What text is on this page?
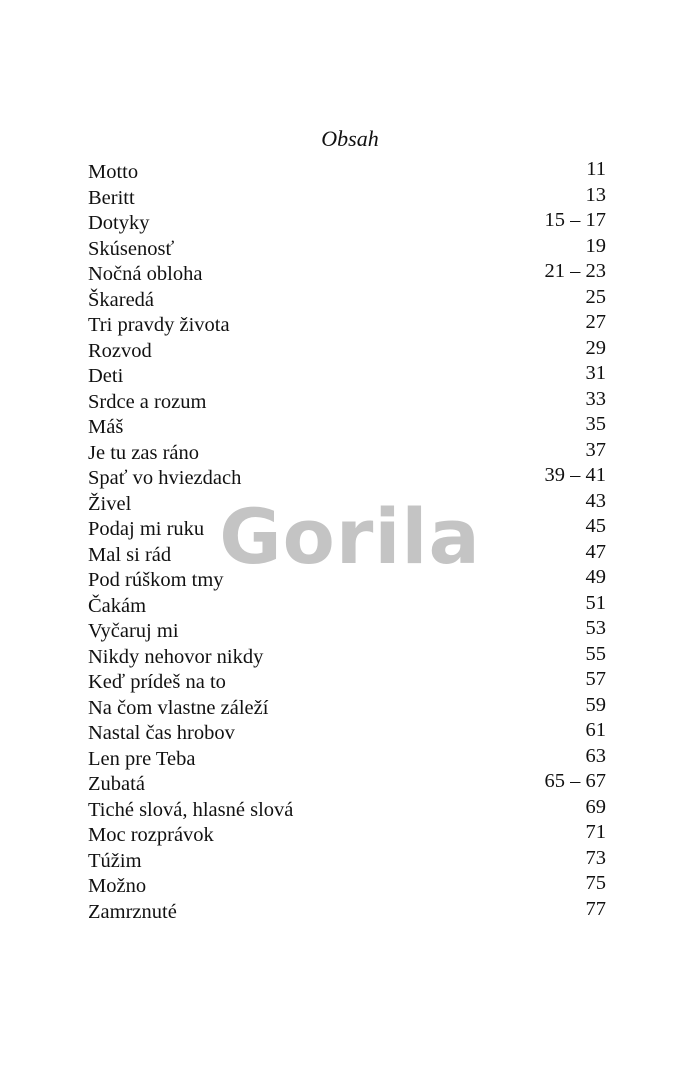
Obsah
Motto	11
Beritt	13
Dotyky	15 – 17
Skúsenosť	19
Nočná obloha	21 – 23
Škaredá	25
Tri pravdy života	27
Rozvod	29
Deti	31
Srdce a rozum	33
Máš	35
Je tu zas ráno	37
Spať vo hviezdach	39 – 41
Živel	43
Podaj mi ruku	45
Mal si rád	47
Pod rúškom tmy	49
Čakám	51
Vyčaruj mi	53
Nikdy nehovor nikdy	55
Keď prídeš na to	57
Na čom vlastne záleží	59
Nastal čas hrobov	61
Len pre Teba	63
Zubatá	65 – 67
Tiché slová, hlasné slová	69
Moc rozprávok	71
Túžim	73
Možno	75
Zamrznuté	77
Gorila
